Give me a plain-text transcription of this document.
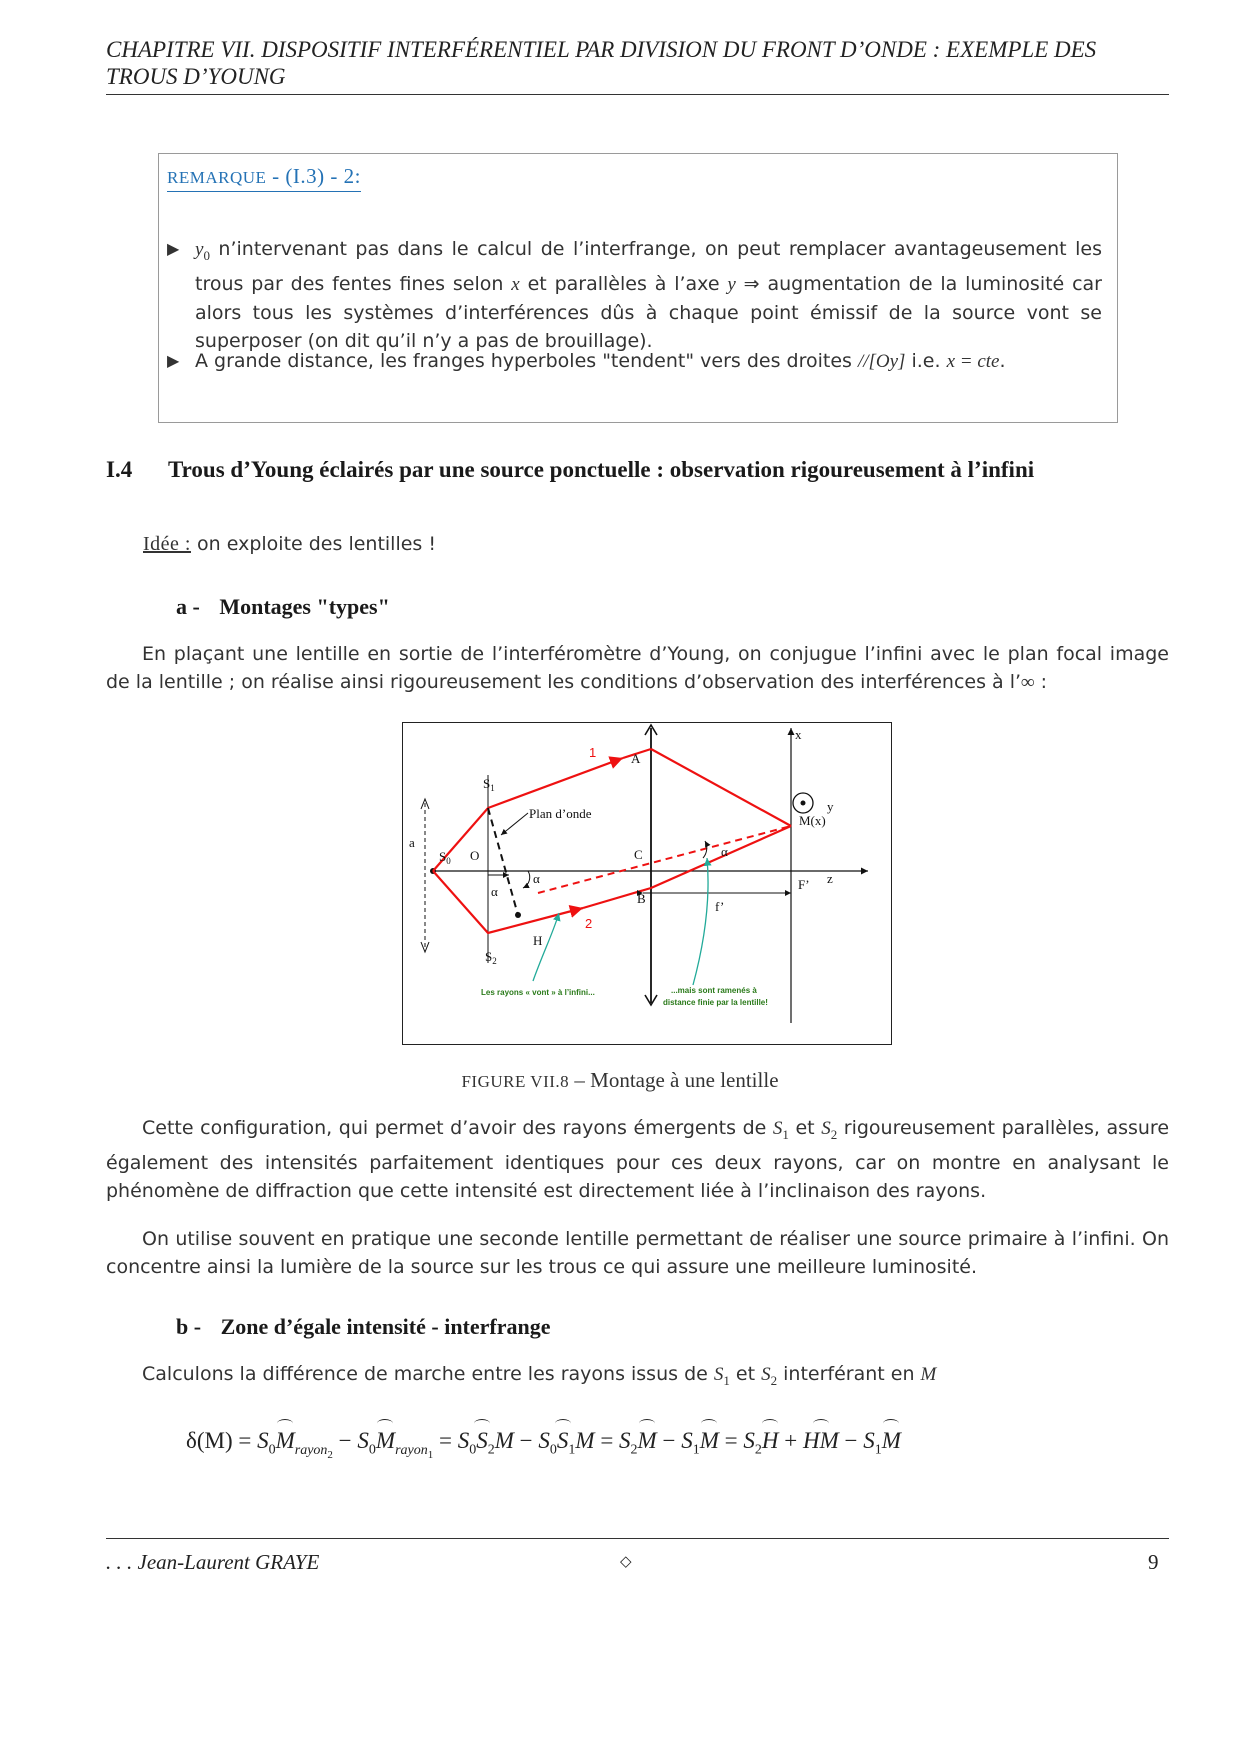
CHAPITRE VII. DISPOSITIF INTERFÉRENTIEL PAR DIVISION DU FRONT D’ONDE : EXEMPLE DES TROUS D’YOUNG
REMARQUE - (I.3) - 2:
▶ $y_0$ n’intervenant pas dans le calcul de l’interfrange, on peut remplacer avantageusement les trous par des fentes fines selon x et parallèles à l’axe y ⇒ augmentation de la luminosité car alors tous les systèmes d’interférences dûs à chaque point émissif de la source vont se superposer (on dit qu’il n’y a pas de brouillage).
▶ A grande distance, les franges hyperboles "tendent" vers des droites //[Oy] i.e. x = cte.
I.4 Trous d’Young éclairés par une source ponctuelle : observation rigoureusement à l’infini
Idée : on exploite des lentilles !
a - Montages "types"
En plaçant une lentille en sortie de l’interféromètre d’Young, on conjugue l’infini avec le plan focal image de la lentille ; on réalise ainsi rigoureusement les conditions d’observation des interférences à l’∞ :
x
y
z
a
$S_0$ O
$S_1$
$S_2$
Plan d’onde
α
α
α
H
A
B
C
M(x)
F’
f’
1
2
Les rayons « vont » à l’infini...	...mais sont ramenés à
distance finie par la lentille!
FIGURE VII.8 – Montage à une lentille
Cette configuration, qui permet d’avoir des rayons émergents de $S_1$ et $S_2$ rigoureusement parallèles, assure également des intensités parfaitement identiques pour ces deux rayons, car on montre en analysant le phénomène de diffraction que cette intensité est directement liée à l’inclinaison des rayons.
On utilise souvent en pratique une seconde lentille permettant de réaliser une source primaire à l’infini. On concentre ainsi la lumière de la source sur les trous ce qui assure une meilleure luminosité.
b - Zone d’égale intensité - interfrange
Calculons la différence de marche entre les rayons issus de $S_1$ et $S_2$ interférant en M
$\delta(M) = S_0M_{rayon_2} - S_0M_{rayon_1} = S_0S_2M - S_0S_1M = S_2M - S_1M = S_2H$ + HM − $S_1M$
. . . Jean-Laurent GRAYE	◇	9
